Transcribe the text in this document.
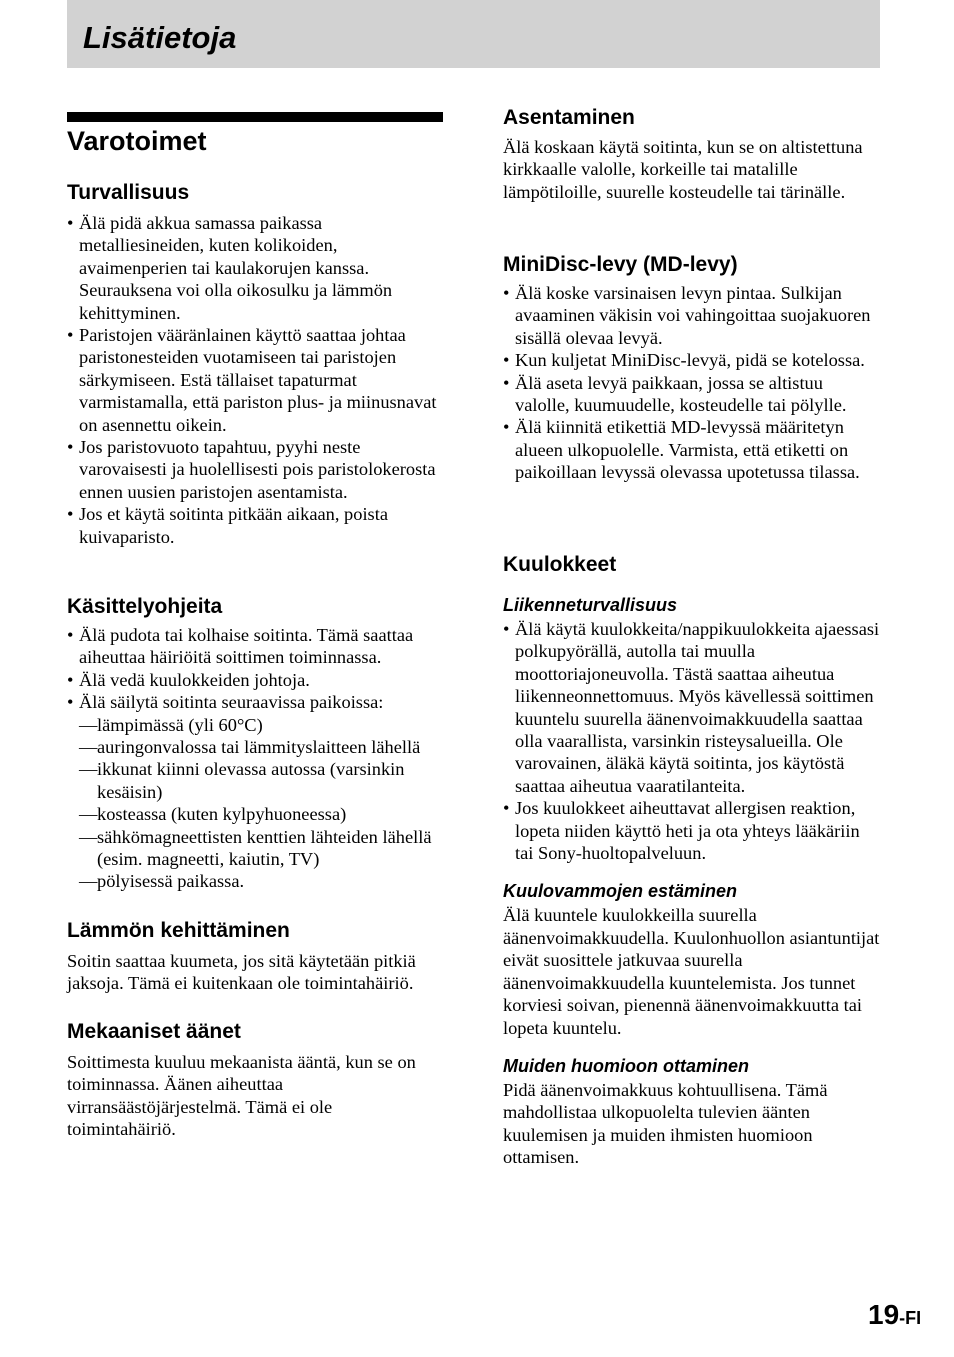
Lisätietoja
Varotoimet
Turvallisuus
• Älä pidä akkua samassa paikassa metalliesineiden, kuten kolikoiden, avaimenperien tai kaulakorujen kanssa. Seurauksena voi olla oikosulku ja lämmön kehittyminen.
• Paristojen vääränlainen käyttö saattaa johtaa paristonesteiden vuotamiseen tai paristojen särkymiseen. Estä tällaiset tapaturmat varmistamalla, että pariston plus- ja miinusnavat on asennettu oikein.
• Jos paristovuoto tapahtuu, pyyhi neste varovaisesti ja huolellisesti pois paristolokerosta ennen uusien paristojen asentamista.
• Jos et käytä soitinta pitkään aikaan, poista kuivaparisto.
Käsittelyohjeita
• Älä pudota tai kolhaise soitinta. Tämä saattaa aiheuttaa häiriöitä soittimen toiminnassa.
• Älä vedä kuulokkeiden johtoja.
• Älä säilytä soitinta seuraavissa paikoissa:
— lämpimässä (yli 60°C)
— auringonvalossa tai lämmityslaitteen lähellä
— ikkunat kiinni olevassa autossa (varsinkin kesäisin)
— kosteassa (kuten kylpyhuoneessa)
— sähkömagneettisten kenttien lähteiden lähellä (esim. magneetti, kaiutin, TV)
— pölyisessä paikassa.
Lämmön kehittäminen

Soitin saattaa kuumeta, jos sitä käytetään pitkiä jaksoja. Tämä ei kuitenkaan ole toimintahäiriö.

Mekaaniset äänet

Soittimesta kuuluu mekaanista ääntä, kun se on toiminnassa. Äänen aiheuttaa virransäästöjärjestelmä. Tämä ei ole toimintahäiriö.

Asentaminen

Älä koskaan käytä soitinta, kun se on altistettuna kirkkaalle valolle, korkeille tai matalille lämpötiloille, suurelle kosteudelle tai tärinälle.

MiniDisc-levy (MD-levy)
• Älä koske varsinaisen levyn pintaa. Sulkijan avaaminen väkisin voi vahingoittaa suojakuoren sisällä olevaa levyä.
• Kun kuljetat MiniDisc-levyä, pidä se kotelossa.
• Älä aseta levyä paikkaan, jossa se altistuu valolle, kuumuudelle, kosteudelle tai pölylle.
• Älä kiinnitä etikettiä MD-levyssä määritetyn alueen ulkopuolelle. Varmista, että etiketti on paikoillaan levyssä olevassa upotetussa tilassa.
Kuulokkeet
Liikenneturvallisuus
• Älä käytä kuulokkeita/nappikuulokkeita ajaessasi polkupyörällä, autolla tai muulla moottoriajoneuvolla. Tästä saattaa aiheutua liikenneonnettomuus. Myös kävellessä soittimen kuuntelu suurella äänenvoimakkuudella saattaa olla vaarallista, varsinkin risteysalueilla. Ole varovainen, äläkä käytä soitinta, jos käytöstä saattaa aiheutua vaaratilanteita.
• Jos kuulokkeet aiheuttavat allergisen reaktion, lopeta niiden käyttö heti ja ota yhteys lääkäriin tai Sony-huoltopalveluun.
Kuulovammojen estäminen

Älä kuuntele kuulokkeilla suurella äänenvoimakkuudella. Kuulonhuollon asiantuntijat eivät suosittele jatkuvaa suurella äänenvoimakkuudella kuuntelemista. Jos tunnet korviesi soivan, pienennä äänenvoimakkuutta tai lopeta kuuntelu.

Muiden huomioon ottaminen

Pidä äänenvoimakkuus kohtuullisena. Tämä mahdollistaa ulkopuolelta tulevien äänten kuulemisen ja muiden ihmisten huomioon ottamisen.

19-FI
